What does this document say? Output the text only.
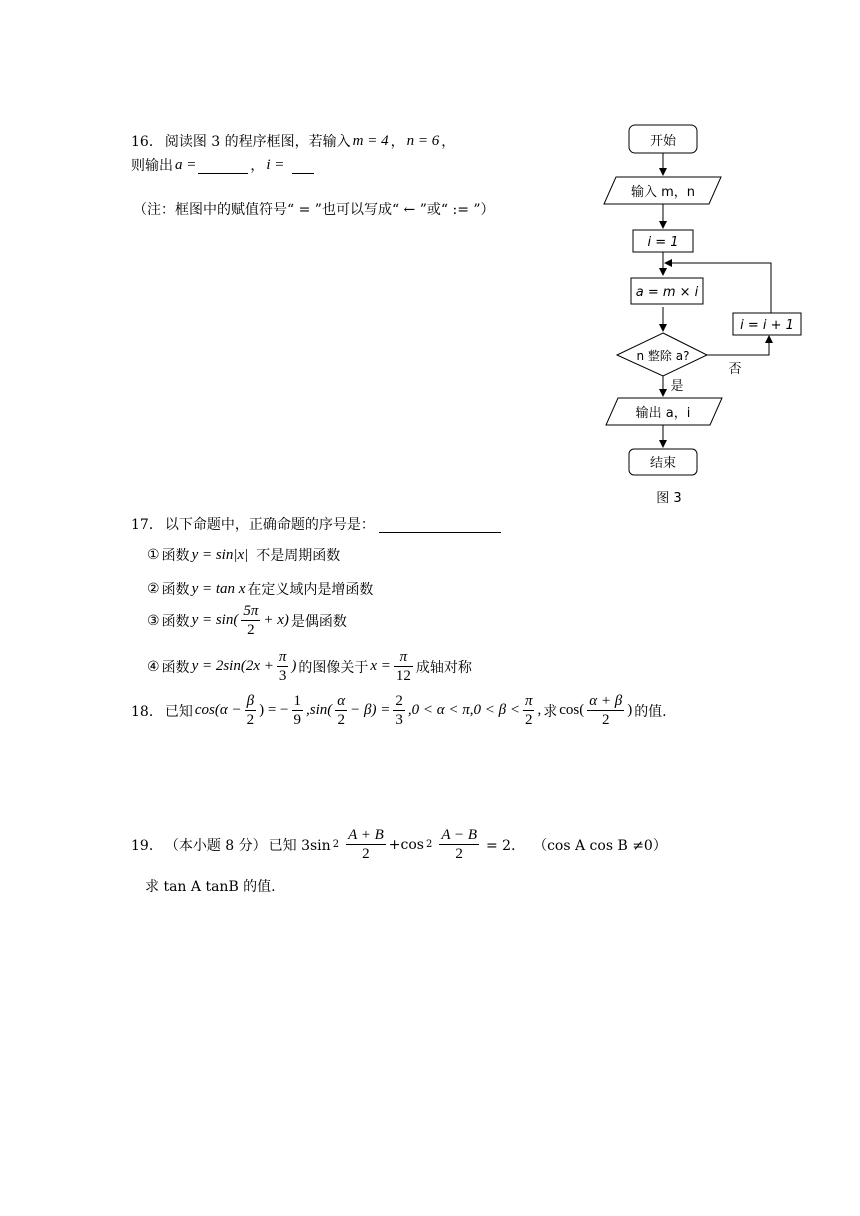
16． 阅读图 3 的程序框图，若输入 m = 4 ， n = 6 ，
则输出 a =	， i =
（注：框图中的赋值符号“ = ”也可以写成“ ← ”或“ := ”）
开始
输入 m，n
i = 1
a = m × i
n 整除 a?
否
i = i + 1
是
输出 a，i
结束
图 3
17． 以下命题中，正确命题的序号是：
① 函数 y = sin|x| 不是周期函数
② 函数 y = tan x 在定义域内是增函数
③ 函数 $y = \sin( \frac{5\pi}{2} + x)$ 是偶函数
④ 函数 $y = 2\sin(2x + \frac{\pi}{3}$ ) 的图像关于 $x = \frac{\pi}{12}$ 成轴对称
18． 已知 $\cos(\alpha - \frac{\beta}{2}$ ) = − $\frac{1}{9} ,\sin( \frac{\alpha}{2} - \beta) = \frac{2}{3} ,0 < \alpha < \pi,0 < \beta < \frac{\pi}{2}$ , 求 $\cos( \frac{\alpha + \beta}{2}$ ) 的值.
19． （本小题 8 分） 已知 3sin $2 \frac{A + B}{2} +\cos$ $2 \frac{A - B}{2} = 2$． （cos A cos B ≠0）
求 tan A tanB 的值.
